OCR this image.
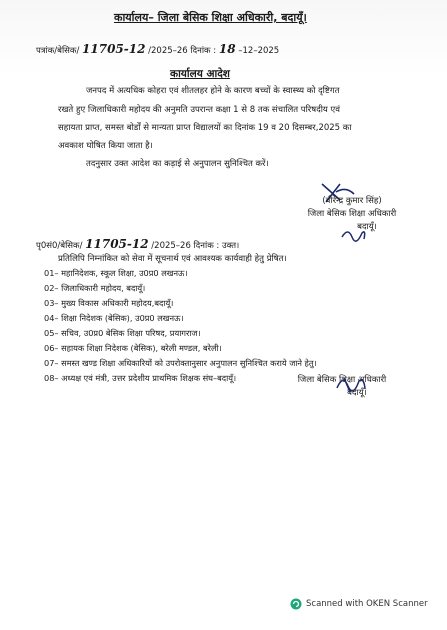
कार्यालय– जिला बेसिक शिक्षा अधिकारी, बदायूँ।
पत्रांक/बेसिक/ 11705-12 /2025–26 दिनांक : 18 –12–2025
कार्यालय आदेश
जनपद में अत्यधिक कोहरा एवं शीतलहर होने के कारण बच्चों के स्वास्थ्य को दृष्टिगत
रखते हुए जिलाधिकारी महोदय की अनुमति उपरान्त कक्षा 1 से 8 तक संचालित परिषदीय एवं
सहायता प्राप्त, समस्त बोर्डों से मान्यता प्राप्त विद्यालयों का दिनांक 19 व 20 दिसम्बर,2025 का
अवकाश घोषित किया जाता है।
तदनुसार उक्त आदेश का कड़ाई से अनुपालन सुनिश्चित करें।
(वीरेन्द्र कुमार सिंह)
जिला बेसिक शिक्षा अधिकारी
बदायूँ।
पृ0सं0/बेसिक/ 11705-12 /2025–26 दिनांक : उक्त।
प्रतिलिपि निम्नांकित को सेवा में सूचनार्थ एवं आवश्यक कार्यवाही हेतु प्रेषित।
01– महानिदेशक, स्कूल शिक्षा, उ0प्र0 लखनऊ।
02– जिलाधिकारी महोदय, बदायूँ।
03– मुख्य विकास अधिकारी महोदय,बदायूँ।
04– शिक्षा निदेशक (बेसिक), उ0प्र0 लखनऊ।
05– सचिव, उ0प्र0 बेसिक शिक्षा परिषद, प्रयागराज।
06– सहायक शिक्षा निदेशक (बेसिक), बरेली मण्डल, बरेली।
07– समस्त खण्ड शिक्षा अधिकारियों को उपरोक्तानुसार अनुपालन सुनिश्चित कराये जाने हेतु।
08– अध्यक्ष एवं मंत्री, उत्तर प्रदेशीय प्राथमिक शिक्षक संघ–बदायूँ।	जिला बेसिक शिक्षा अधिकारी
बदायूँ।
Scanned with OKEN Scanner
